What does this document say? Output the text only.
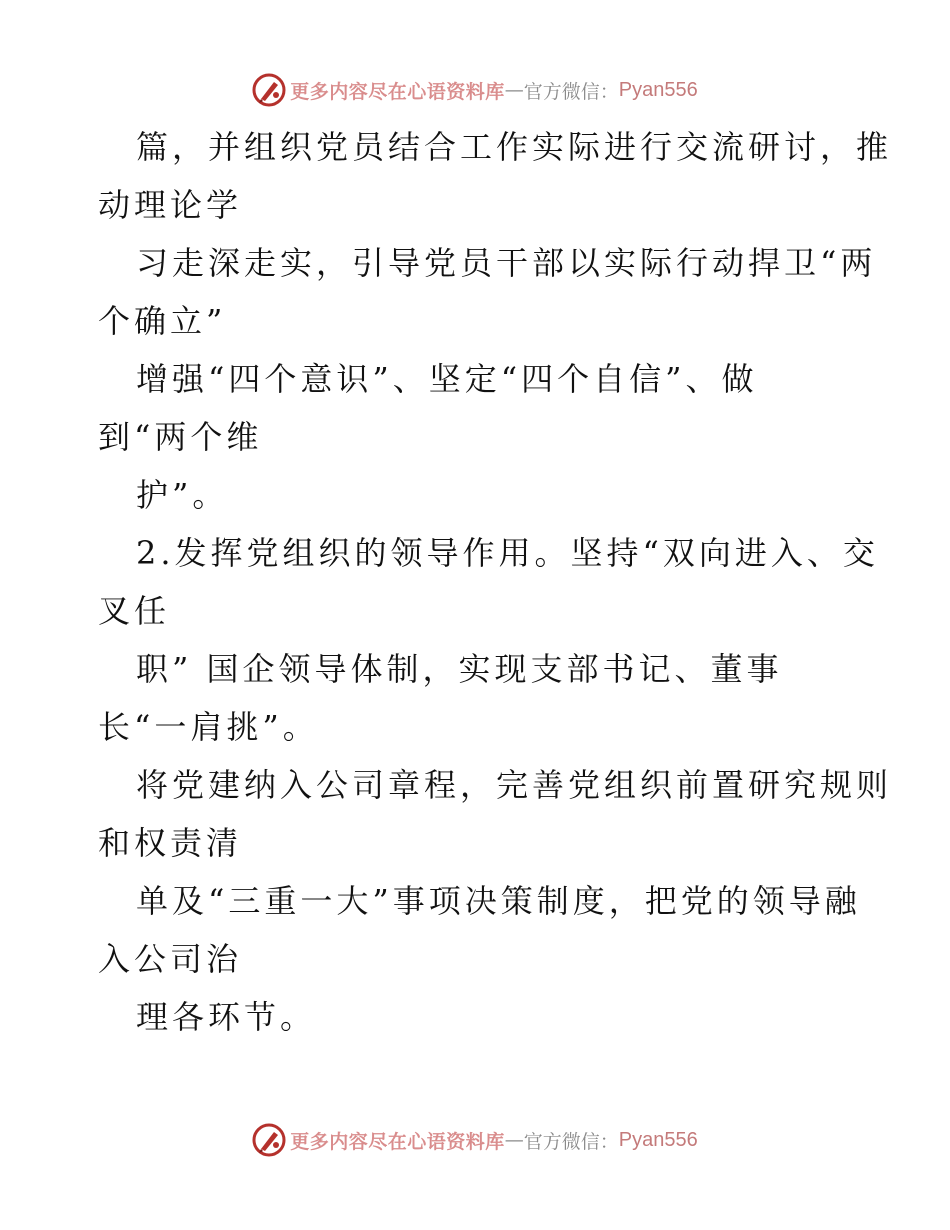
更多内容尽在心语资料库 — 官方微信： Pyan556
篇，并组织党员结合工作实际进行交流研讨，推
动理论学
习走深走实，引导党员干部以实际行动捍卫“两
个确立”
增强“四个意识”、坚定“四个自信”、做
到“两个维
护”。
2.发挥党组织的领导作用。坚持“双向进入、交
叉任
职” 国企领导体制，实现支部书记、董事
长“一肩挑”。
将党建纳入公司章程，完善党组织前置研究规则
和权责清
单及“三重一大”事项决策制度，把党的领导融
入公司治
理各环节。
更多内容尽在心语资料库 — 官方微信： Pyan556
